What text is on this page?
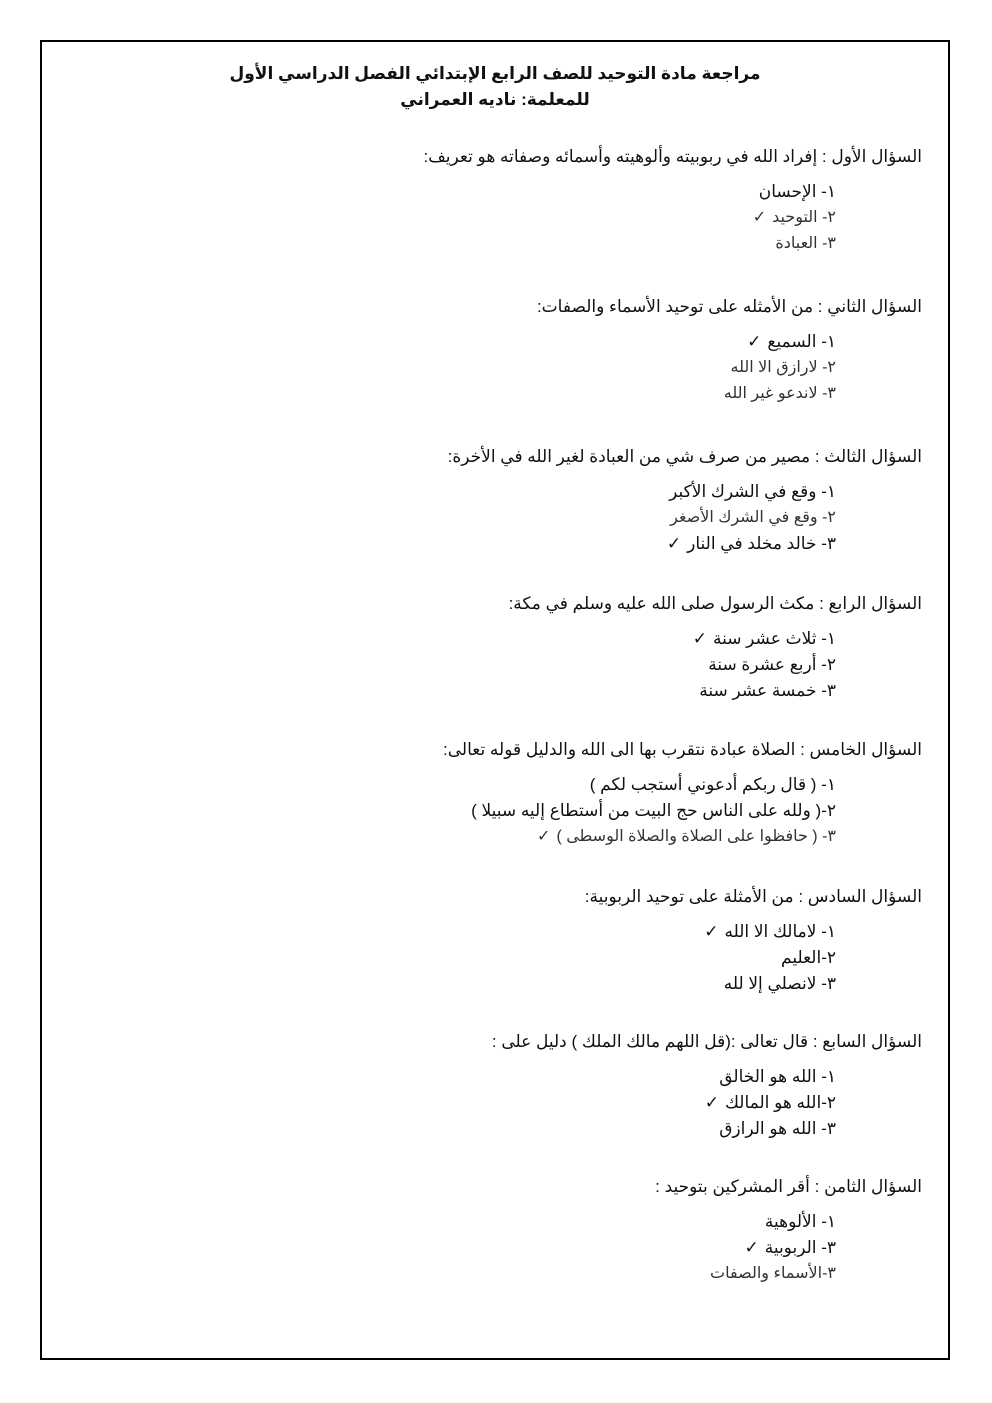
مراجعة مادة التوحيد للصف الرابع الإبتدائي الفصل الدراسي الأول
للمعلمة: ناديه العمراني
السؤال الأول : إفراد الله في ربوبيته وألوهيته وأسمائه وصفاته هو تعريف:
١- الإحسان
٢- التوحيد✓
٣- العبادة
السؤال الثاني : من الأمثله على توحيد الأسماء والصفات:
١- السميع✓
٢- لارازق الا الله
٣- لاندعو غير الله
السؤال الثالث : مصير من صرف شي من العبادة لغير الله في الأخرة:
١- وقع في الشرك الأكبر
٢- وقع في الشرك الأصغر
٣- خالد مخلد في النار✓
السؤال الرابع : مكث الرسول صلى الله عليه وسلم في مكة:
١- ثلاث عشر سنة✓
٢- أربع عشرة سنة
٣- خمسة عشر سنة
السؤال الخامس : الصلاة عبادة نتقرب بها الى الله والدليل قوله تعالى:
١- ( قال ربكم أدعوني أستجب لكم )
٢-( ولله على الناس حج البيت من أستطاع إليه سبيلا )
٣- ( حافظوا على الصلاة والصلاة الوسطى )✓
السؤال السادس : من الأمثلة على توحيد الربوبية:
١- لامالك الا الله✓
٢-العليم
٣- لانصلي إلا لله
السؤال السابع : قال تعالى :(قل اللهم مالك الملك ) دليل على :
١- الله هو الخالق
٢-الله هو المالك✓
٣- الله هو الرازق
السؤال الثامن : أقر المشركين بتوحيد :
١- الألوهية
٣- الربوبية✓
٣-الأسماء والصفات
